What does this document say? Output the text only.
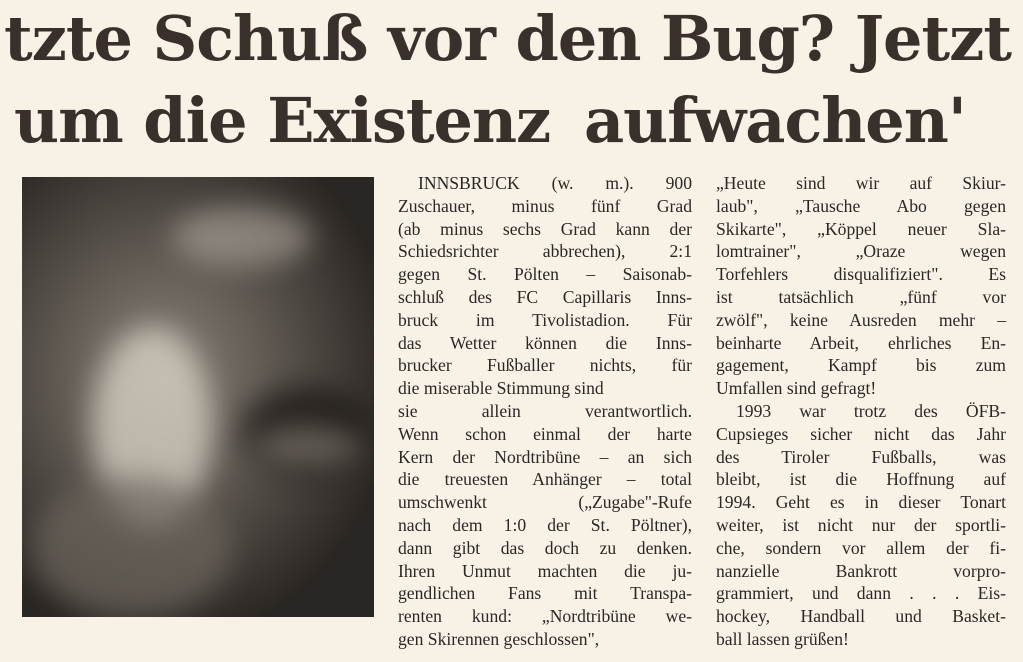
tzte Schuß vor den Bug? Jetzt
um die Existenz aufwachen'
INNSBRUCK (w. m.). 900
Zuschauer, minus fünf Grad
(ab minus sechs Grad kann der
Schiedsrichter abbrechen), 2:1
gegen St. Pölten – Saisonab-
schluß des FC Capillaris Inns-
bruck im Tivolistadion. Für
das Wetter können die Inns-
brucker Fußballer nichts, für
die miserable Stimmung sind
sie allein verantwortlich.
Wenn schon einmal der harte
Kern der Nordtribüne – an sich
die treuesten Anhänger – total
umschwenkt („Zugabe"-Rufe
nach dem 1:0 der St. Pöltner),
dann gibt das doch zu denken.
Ihren Unmut machten die ju-
gendlichen Fans mit Transpa-
renten kund: „Nordtribüne we-
gen Skirennen geschlossen",
„Heute sind wir auf Skiur-
laub", „Tausche Abo gegen
Skikarte", „Köppel neuer Sla-
lomtrainer", „Oraze wegen
Torfehlers disqualifiziert". Es
ist tatsächlich „fünf vor
zwölf", keine Ausreden mehr –
beinharte Arbeit, ehrliches En-
gagement, Kampf bis zum
Umfallen sind gefragt!
1993 war trotz des ÖFB-
Cupsieges sicher nicht das Jahr
des Tiroler Fußballs, was
bleibt, ist die Hoffnung auf
1994. Geht es in dieser Tonart
weiter, ist nicht nur der sportli-
che, sondern vor allem der fi-
nanzielle Bankrott vorpro-
grammiert, und dann . . . Eis-
hockey, Handball und Basket-
ball lassen grüßen!
